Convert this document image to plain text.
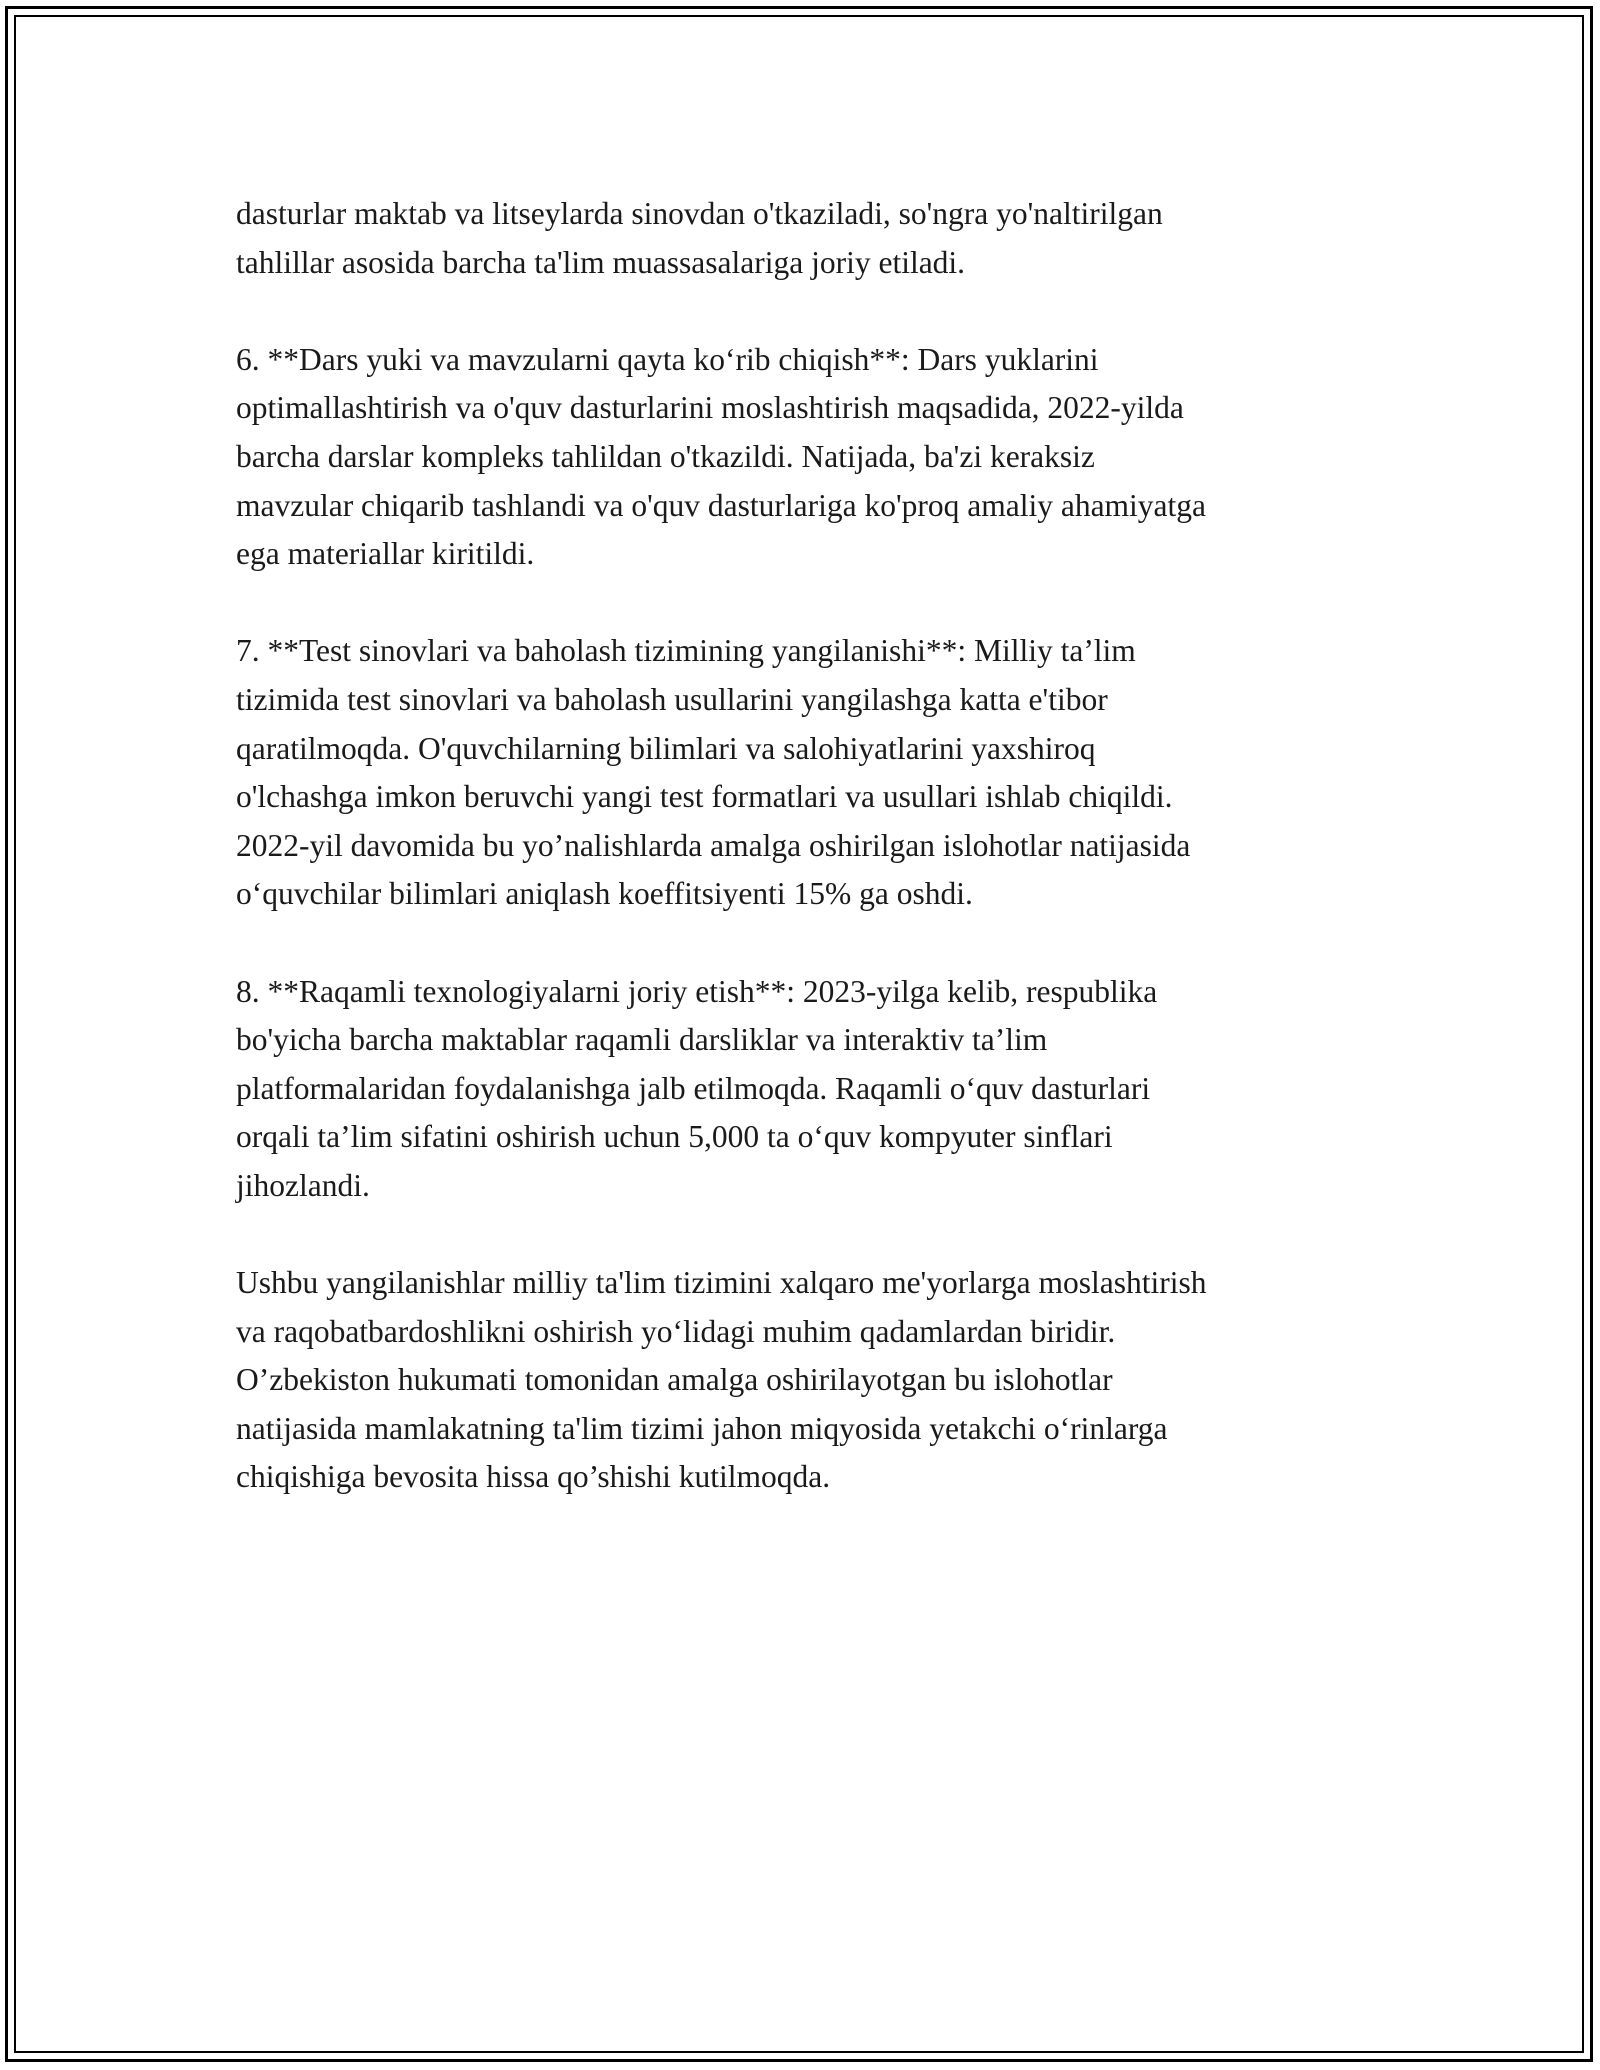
dasturlar maktab va litseylarda sinovdan o'tkaziladi, so'ngra yo'naltirilgan
tahlillar asosida barcha ta'lim muassasalariga joriy etiladi.

6. **Dars yuki va mavzularni qayta ko‘rib chiqish**: Dars yuklarini
optimallashtirish va o'quv dasturlarini moslashtirish maqsadida, 2022-yilda
barcha darslar kompleks tahlildan o'tkazildi. Natijada, ba'zi keraksiz
mavzular chiqarib tashlandi va o'quv dasturlariga ko'proq amaliy ahamiyatga
ega materiallar kiritildi.

7. **Test sinovlari va baholash tizimining yangilanishi**: Milliy ta’lim
tizimida test sinovlari va baholash usullarini yangilashga katta e'tibor
qaratilmoqda. O'quvchilarning bilimlari va salohiyatlarini yaxshiroq
o'lchashga imkon beruvchi yangi test formatlari va usullari ishlab chiqildi.
2022-yil davomida bu yo’nalishlarda amalga oshirilgan islohotlar natijasida
o‘quvchilar bilimlari aniqlash koeffitsiyenti 15% ga oshdi.

8. **Raqamli texnologiyalarni joriy etish**: 2023-yilga kelib, respublika
bo'yicha barcha maktablar raqamli darsliklar va interaktiv ta’lim
platformalaridan foydalanishga jalb etilmoqda. Raqamli o‘quv dasturlari
orqali ta’lim sifatini oshirish uchun 5,000 ta o‘quv kompyuter sinflari
jihozlandi.

Ushbu yangilanishlar milliy ta'lim tizimini xalqaro me'yorlarga moslashtirish
va raqobatbardoshlikni oshirish yo‘lidagi muhim qadamlardan biridir.
O’zbekiston hukumati tomonidan amalga oshirilayotgan bu islohotlar
natijasida mamlakatning ta'lim tizimi jahon miqyosida yetakchi o‘rinlarga
chiqishiga bevosita hissa qo’shishi kutilmoqda.
